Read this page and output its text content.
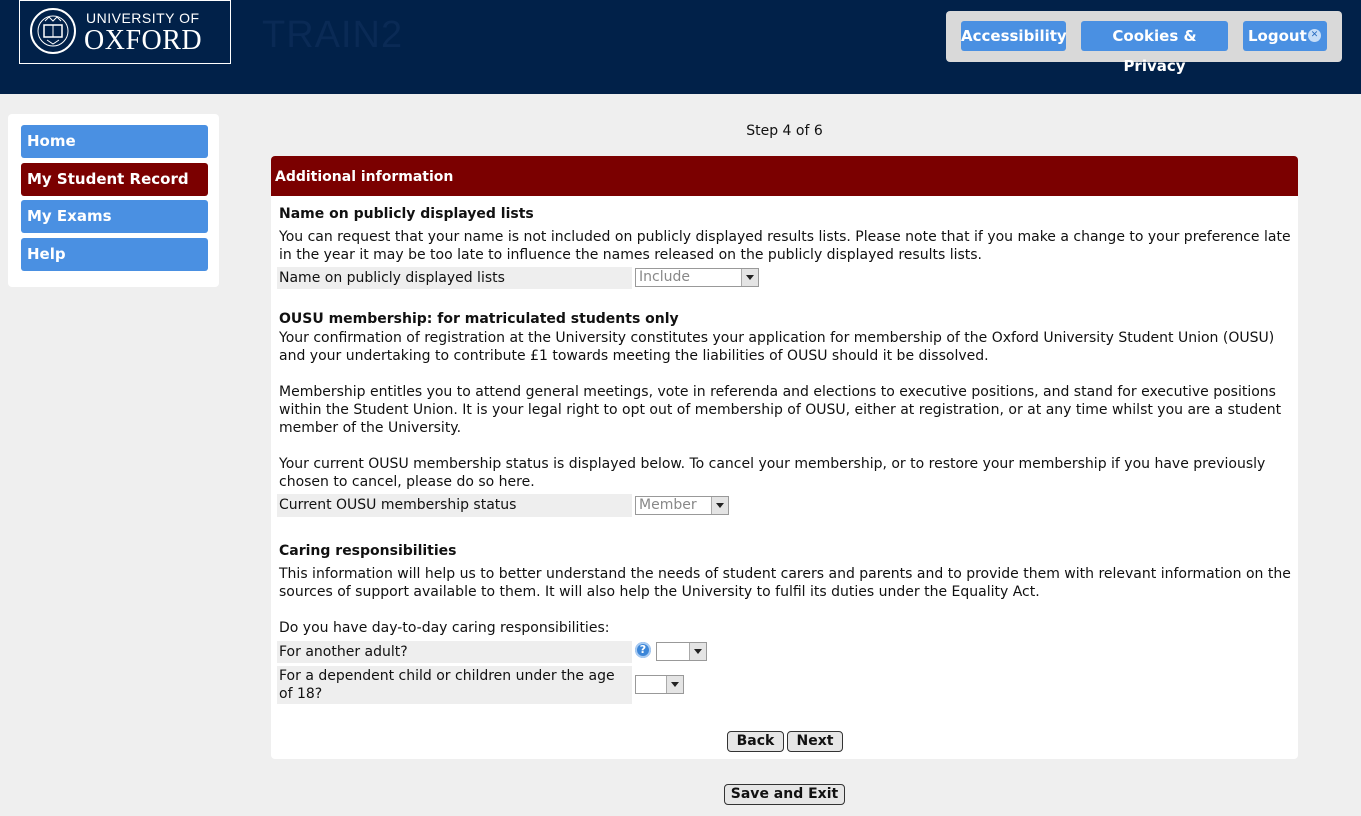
UNIVERSITY OF
OXFORD TRAIN2	Accessibility	Cookies & Privacy
Logout ✕
Home
My Student Record
My Exams
Help
Step 4 of 6
Additional information
Name on publicly displayed lists
You can request that your name is not included on publicly displayed results lists. Please note that if you make a change to your preference late in the year it may be too late to influence the names released on the publicly displayed results lists.
Name on publicly displayed lists	Include
OUSU membership: for matriculated students only
Your confirmation of registration at the University constitutes your application for membership of the Oxford University Student Union (OUSU) and your undertaking to contribute £1 towards meeting the liabilities of OUSU should it be dissolved.
Membership entitles you to attend general meetings, vote in referenda and elections to executive positions, and stand for executive positions within the Student Union. It is your legal right to opt out of membership of OUSU, either at registration, or at any time whilst you are a student member of the University.
Your current OUSU membership status is displayed below. To cancel your membership, or to restore your membership if you have previously chosen to cancel, please do so here.
Current OUSU membership status	Member
Caring responsibilities
This information will help us to better understand the needs of student carers and parents and to provide them with relevant information on the sources of support available to them. It will also help the University to fulfil its duties under the Equality Act.
Do you have day-to-day caring responsibilities:
For another adult?	?
For a dependent child or children under the age of 18?
Back	Next
Save and Exit
